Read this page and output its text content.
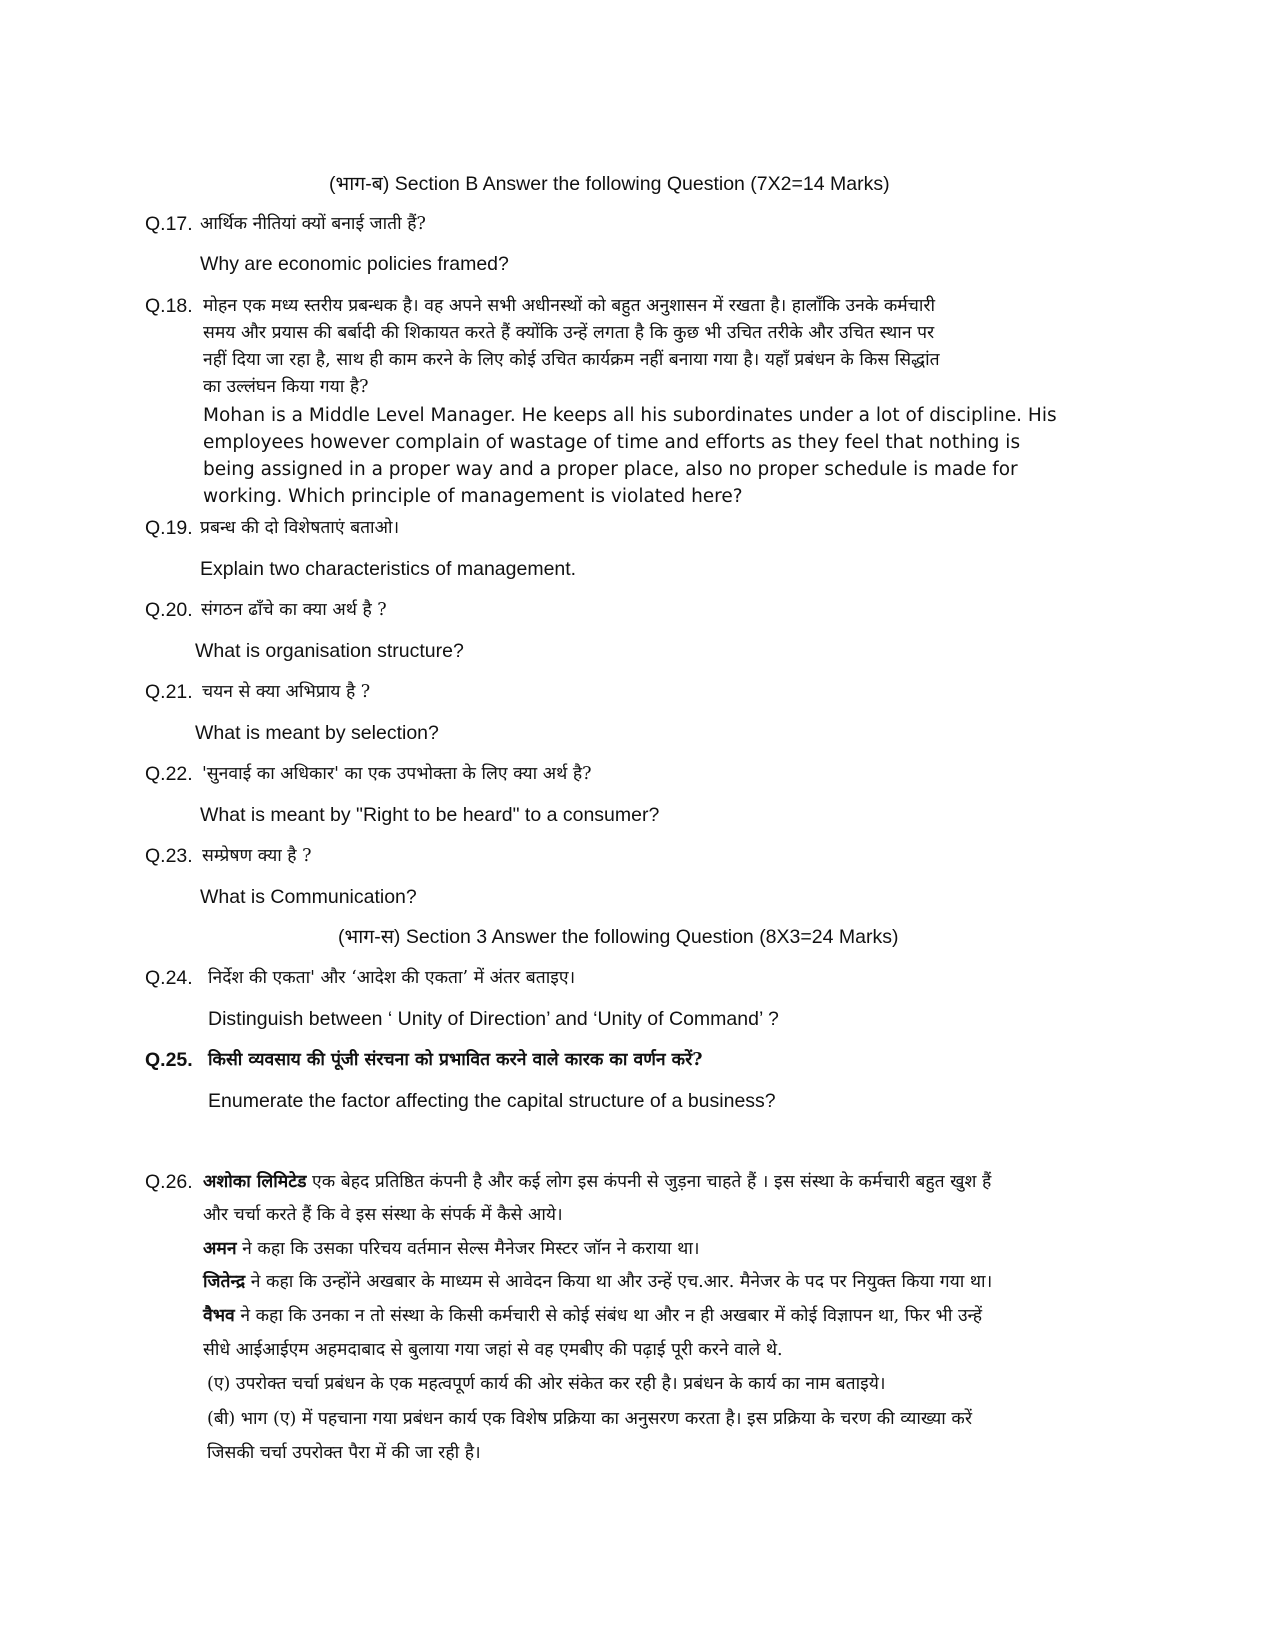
(भाग-ब) Section B Answer the following Question (7X2=14 Marks)
Q.17. आर्थिक नीतियां क्यों बनाई जाती हैं?
Why are economic policies framed?
Q.18. मोहन एक मध्य स्तरीय प्रबन्धक है। वह अपने सभी अधीनस्थों को बहुत अनुशासन में रखता है। हालाँकि उनके कर्मचारी
समय और प्रयास की बर्बादी की शिकायत करते हैं क्योंकि उन्हें लगता है कि कुछ भी उचित तरीके और उचित स्थान पर
नहीं दिया जा रहा है, साथ ही काम करने के लिए कोई उचित कार्यक्रम नहीं बनाया गया है। यहाँ प्रबंधन के किस सिद्धांत
का उल्लंघन किया गया है?
Mohan is a Middle Level Manager. He keeps all his subordinates under a lot of discipline. His
employees however complain of wastage of time and efforts as they feel that nothing is
being assigned in a proper way and a proper place, also no proper schedule is made for
working. Which principle of management is violated here?
Q.19. प्रबन्ध की दो विशेषताएं बताओ।
Explain two characteristics of management.
Q.20. संगठन ढाँचे का क्या अर्थ है ?
What is organisation structure?
Q.21. चयन से क्या अभिप्राय है ?
What is meant by selection?
Q.22. 'सुनवाई का अधिकार' का एक उपभोक्ता के लिए क्या अर्थ है?
What is meant by "Right to be heard" to a consumer?
Q.23. सम्प्रेषण क्या है ?
What is Communication?
(भाग-स) Section 3 Answer the following Question (8X3=24 Marks)
Q.24. निर्देश की एकता' और ‘आदेश की एकता’ में अंतर बताइए।
Distinguish between ‘ Unity of Direction’ and ‘Unity of Command’ ?
Q.25. किसी व्यवसाय की पूंजी संरचना को प्रभावित करने वाले कारक का वर्णन करें?
Enumerate the factor affecting the capital structure of a business?
Q.26. अशोका लिमिटेड एक बेहद प्रतिष्ठित कंपनी है और कई लोग इस कंपनी से जुड़ना चाहते हैं । इस संस्था के कर्मचारी बहुत खुश हैं
और चर्चा करते हैं कि वे इस संस्था के संपर्क में कैसे आये।
अमन ने कहा कि उसका परिचय वर्तमान सेल्स मैनेजर मिस्टर जॉन ने कराया था।
जितेन्द्र ने कहा कि उन्होंने अखबार के माध्यम से आवेदन किया था और उन्हें एच.आर. मैनेजर के पद पर नियुक्त किया गया था।
वैभव ने कहा कि उनका न तो संस्था के किसी कर्मचारी से कोई संबंध था और न ही अखबार में कोई विज्ञापन था, फिर भी उन्हें
सीधे आईआईएम अहमदाबाद से बुलाया गया जहां से वह एमबीए की पढ़ाई पूरी करने वाले थे.
(ए) उपरोक्त चर्चा प्रबंधन के एक महत्वपूर्ण कार्य की ओर संकेत कर रही है। प्रबंधन के कार्य का नाम बताइये।
(बी) भाग (ए) में पहचाना गया प्रबंधन कार्य एक विशेष प्रक्रिया का अनुसरण करता है। इस प्रक्रिया के चरण की व्याख्या करें
जिसकी चर्चा उपरोक्त पैरा में की जा रही है।
